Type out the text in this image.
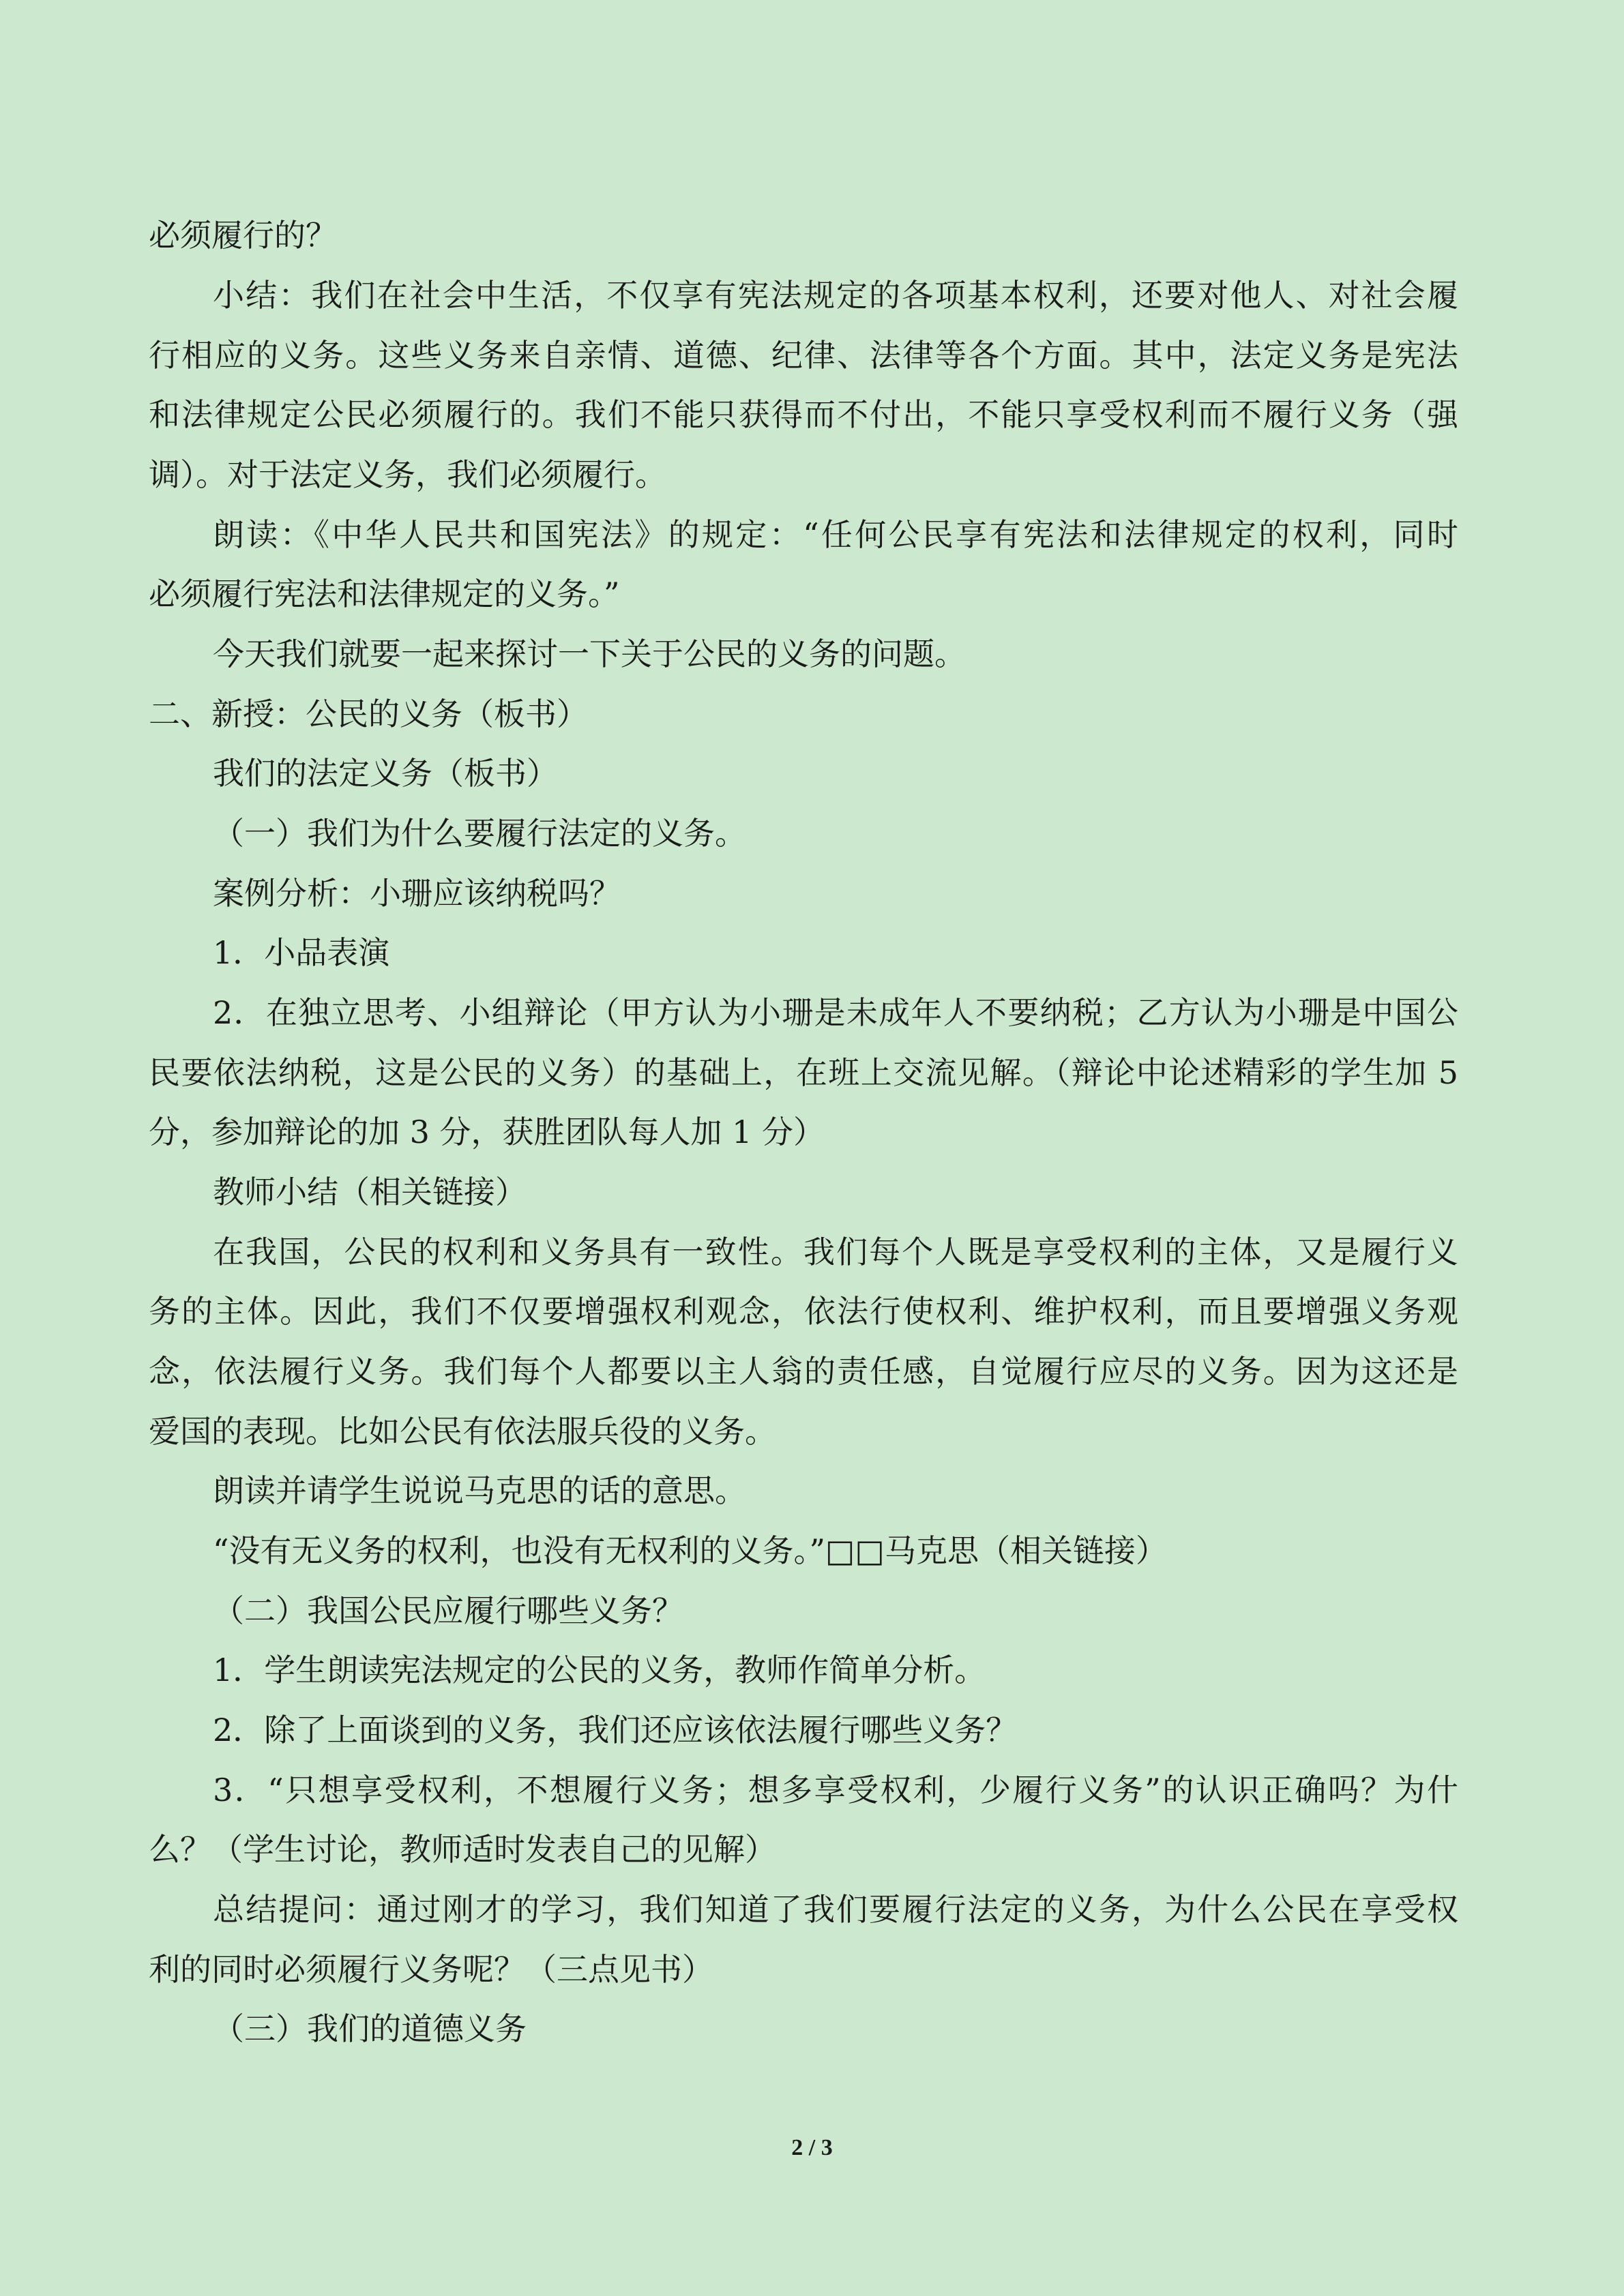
必须履行的？
小结：我们在社会中生活，不仅享有宪法规定的各项基本权利，还要对他人、对社会履
行相应的义务。这些义务来自亲情、道德、纪律、法律等各个方面。其中，法定义务是宪法
和法律规定公民必须履行的。我们不能只获得而不付出，不能只享受权利而不履行义务（强
调）。对于法定义务，我们必须履行。
朗读：《中华人民共和国宪法》的规定：“任何公民享有宪法和法律规定的权利，同时
必须履行宪法和法律规定的义务。”
今天我们就要一起来探讨一下关于公民的义务的问题。
二、新授：公民的义务（板书）
我们的法定义务（板书）
（一）我们为什么要履行法定的义务。
案例分析：小珊应该纳税吗？
1．小品表演
2．在独立思考、小组辩论（甲方认为小珊是未成年人不要纳税；乙方认为小珊是中国公
民要依法纳税，这是公民的义务）的基础上，在班上交流见解。（辩论中论述精彩的学生加 5
分，参加辩论的加 3 分，获胜团队每人加 1 分）
教师小结（相关链接）
在我国，公民的权利和义务具有一致性。我们每个人既是享受权利的主体，又是履行义
务的主体。因此，我们不仅要增强权利观念，依法行使权利、维护权利，而且要增强义务观
念，依法履行义务。我们每个人都要以主人翁的责任感，自觉履行应尽的义务。因为这还是
爱国的表现。比如公民有依法服兵役的义务。
朗读并请学生说说马克思的话的意思。
“没有无义务的权利，也没有无权利的义务。”□□马克思（相关链接）
（二）我国公民应履行哪些义务？
1．学生朗读宪法规定的公民的义务，教师作简单分析。
2．除了上面谈到的义务，我们还应该依法履行哪些义务？
3．“只想享受权利，不想履行义务；想多享受权利，少履行义务”的认识正确吗？为什
么？（学生讨论，教师适时发表自己的见解）
总结提问：通过刚才的学习，我们知道了我们要履行法定的义务，为什么公民在享受权
利的同时必须履行义务呢？（三点见书）
（三）我们的道德义务
2 / 3
